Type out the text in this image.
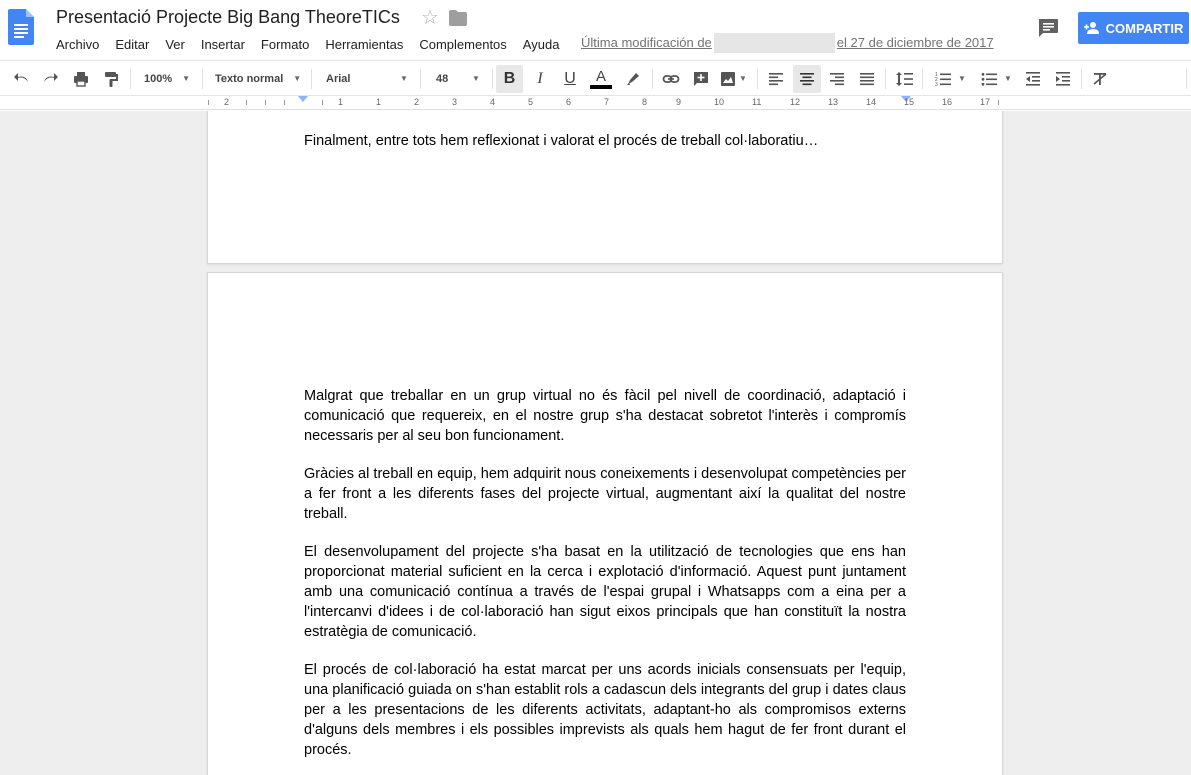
Presentació Projecte Big Bang TheoreTICs ☆
Archivo Editar Ver Insertar Formato Herramientas Complementos Ayuda Última modificación de	el 27 de diciembre de 2017
COMPARTIR
100% ▼ Texto normal ▼ Arial	▼	48	▼ B I U A	▼	1
2
3
▼	▼
2	1	1	2	3	4	5	6	7	8	9	10	11	12	13	14	15	16	17
Finalment, entre tots hem reflexionat i valorat el procés de treball col·laboratiu…
Malgrat que treballar en un grup virtual no és fàcil pel nivell de coordinació, adaptació i comunicació que requereix, en el nostre grup s'ha destacat sobretot l'interès i compromís necessaris per al seu bon funcionament.
Gràcies al treball en equip, hem adquirit nous coneixements i desenvolupat competències per a fer front a les diferents fases del projecte virtual, augmentant així la qualitat del nostre treball.
El desenvolupament del projecte s'ha basat en la utilització de tecnologies que ens han proporcionat material suficient en la cerca i explotació d'informació. Aquest punt juntament amb una comunicació contínua a través de l'espai grupal i Whatsapps com a eina per a l'intercanvi d'idees i de col·laboració han sigut eixos principals que han constituït la nostra estratègia de comunicació.
El procés de col·laboració ha estat marcat per uns acords inicials consensuats per l'equip, una planificació guiada on s'han establit rols a cadascun dels integrants del grup i dates claus per a les presentacions de les diferents activitats, adaptant-ho als compromisos externs d'alguns dels membres i els possibles imprevists als quals hem hagut de fer front durant el procés.
